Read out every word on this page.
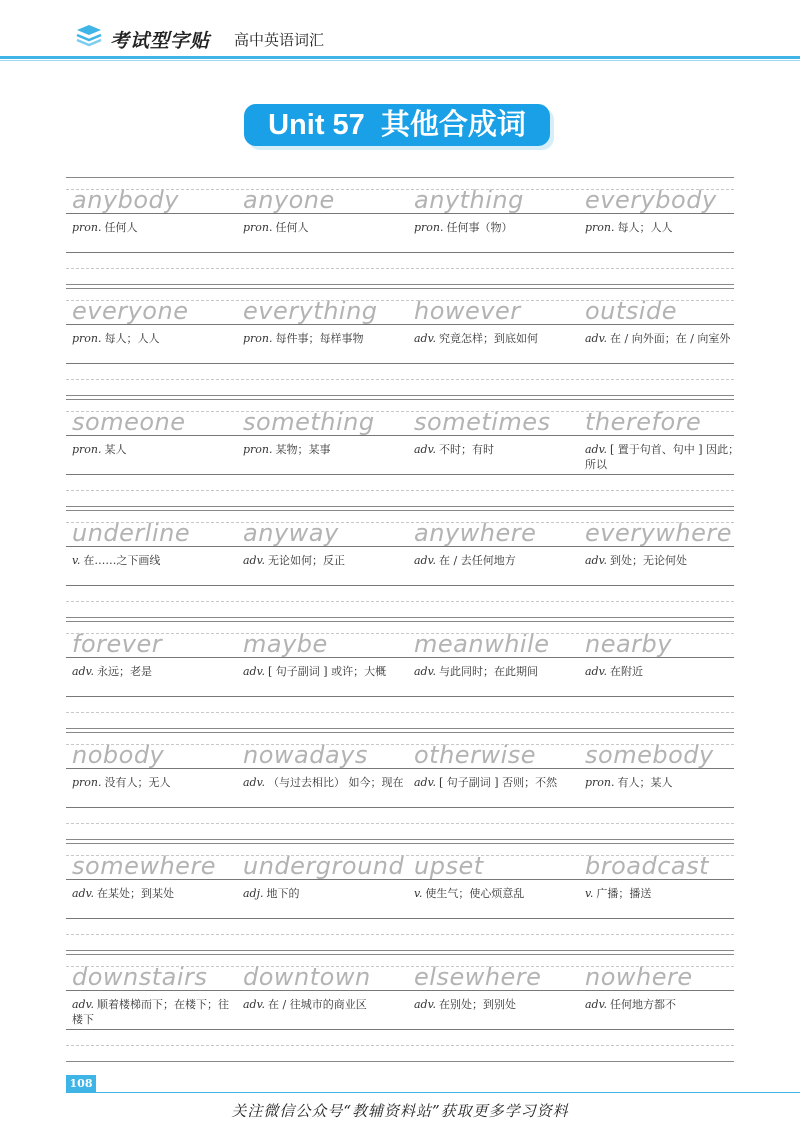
考试型字贴 高中英语词汇
Unit 57 其他合成词
anybody
pron. 任何人
anyone
pron. 任何人
anything
pron. 任何事（物）
everybody
pron. 每人；人人
everyone
pron. 每人；人人
everything
pron. 每件事；每样事物
however
adv. 究竟怎样；到底如何
outside
adv. 在 / 向外面；在 / 向室外
someone
pron. 某人
something
pron. 某物；某事
sometimes
adv. 不时；有时
therefore
adv. [ 置于句首、句中 ] 因此；所以
underline
v. 在……之下画线
anyway
adv. 无论如何；反正
anywhere
adv. 在 / 去任何地方
everywhere
adv. 到处；无论何处
forever
adv. 永远；老是
maybe
adv. [ 句子副词 ] 或许；大概
meanwhile
adv. 与此同时；在此期间
nearby
adv. 在附近
nobody
pron. 没有人；无人
nowadays
adv. （与过去相比） 如今；现在
otherwise
adv. [ 句子副词 ] 否则；不然
somebody
pron. 有人；某人
somewhere
adv. 在某处；到某处
underground
adj. 地下的
upset
v. 使生气；使心烦意乱
broadcast
v. 广播；播送
downstairs
adv. 顺着楼梯而下；在楼下；往楼下
downtown
adv. 在 / 往城市的商业区
elsewhere
adv. 在别处；到别处
nowhere
adv. 任何地方都不
108
关注微信公众号“教辅资料站”获取更多学习资料
